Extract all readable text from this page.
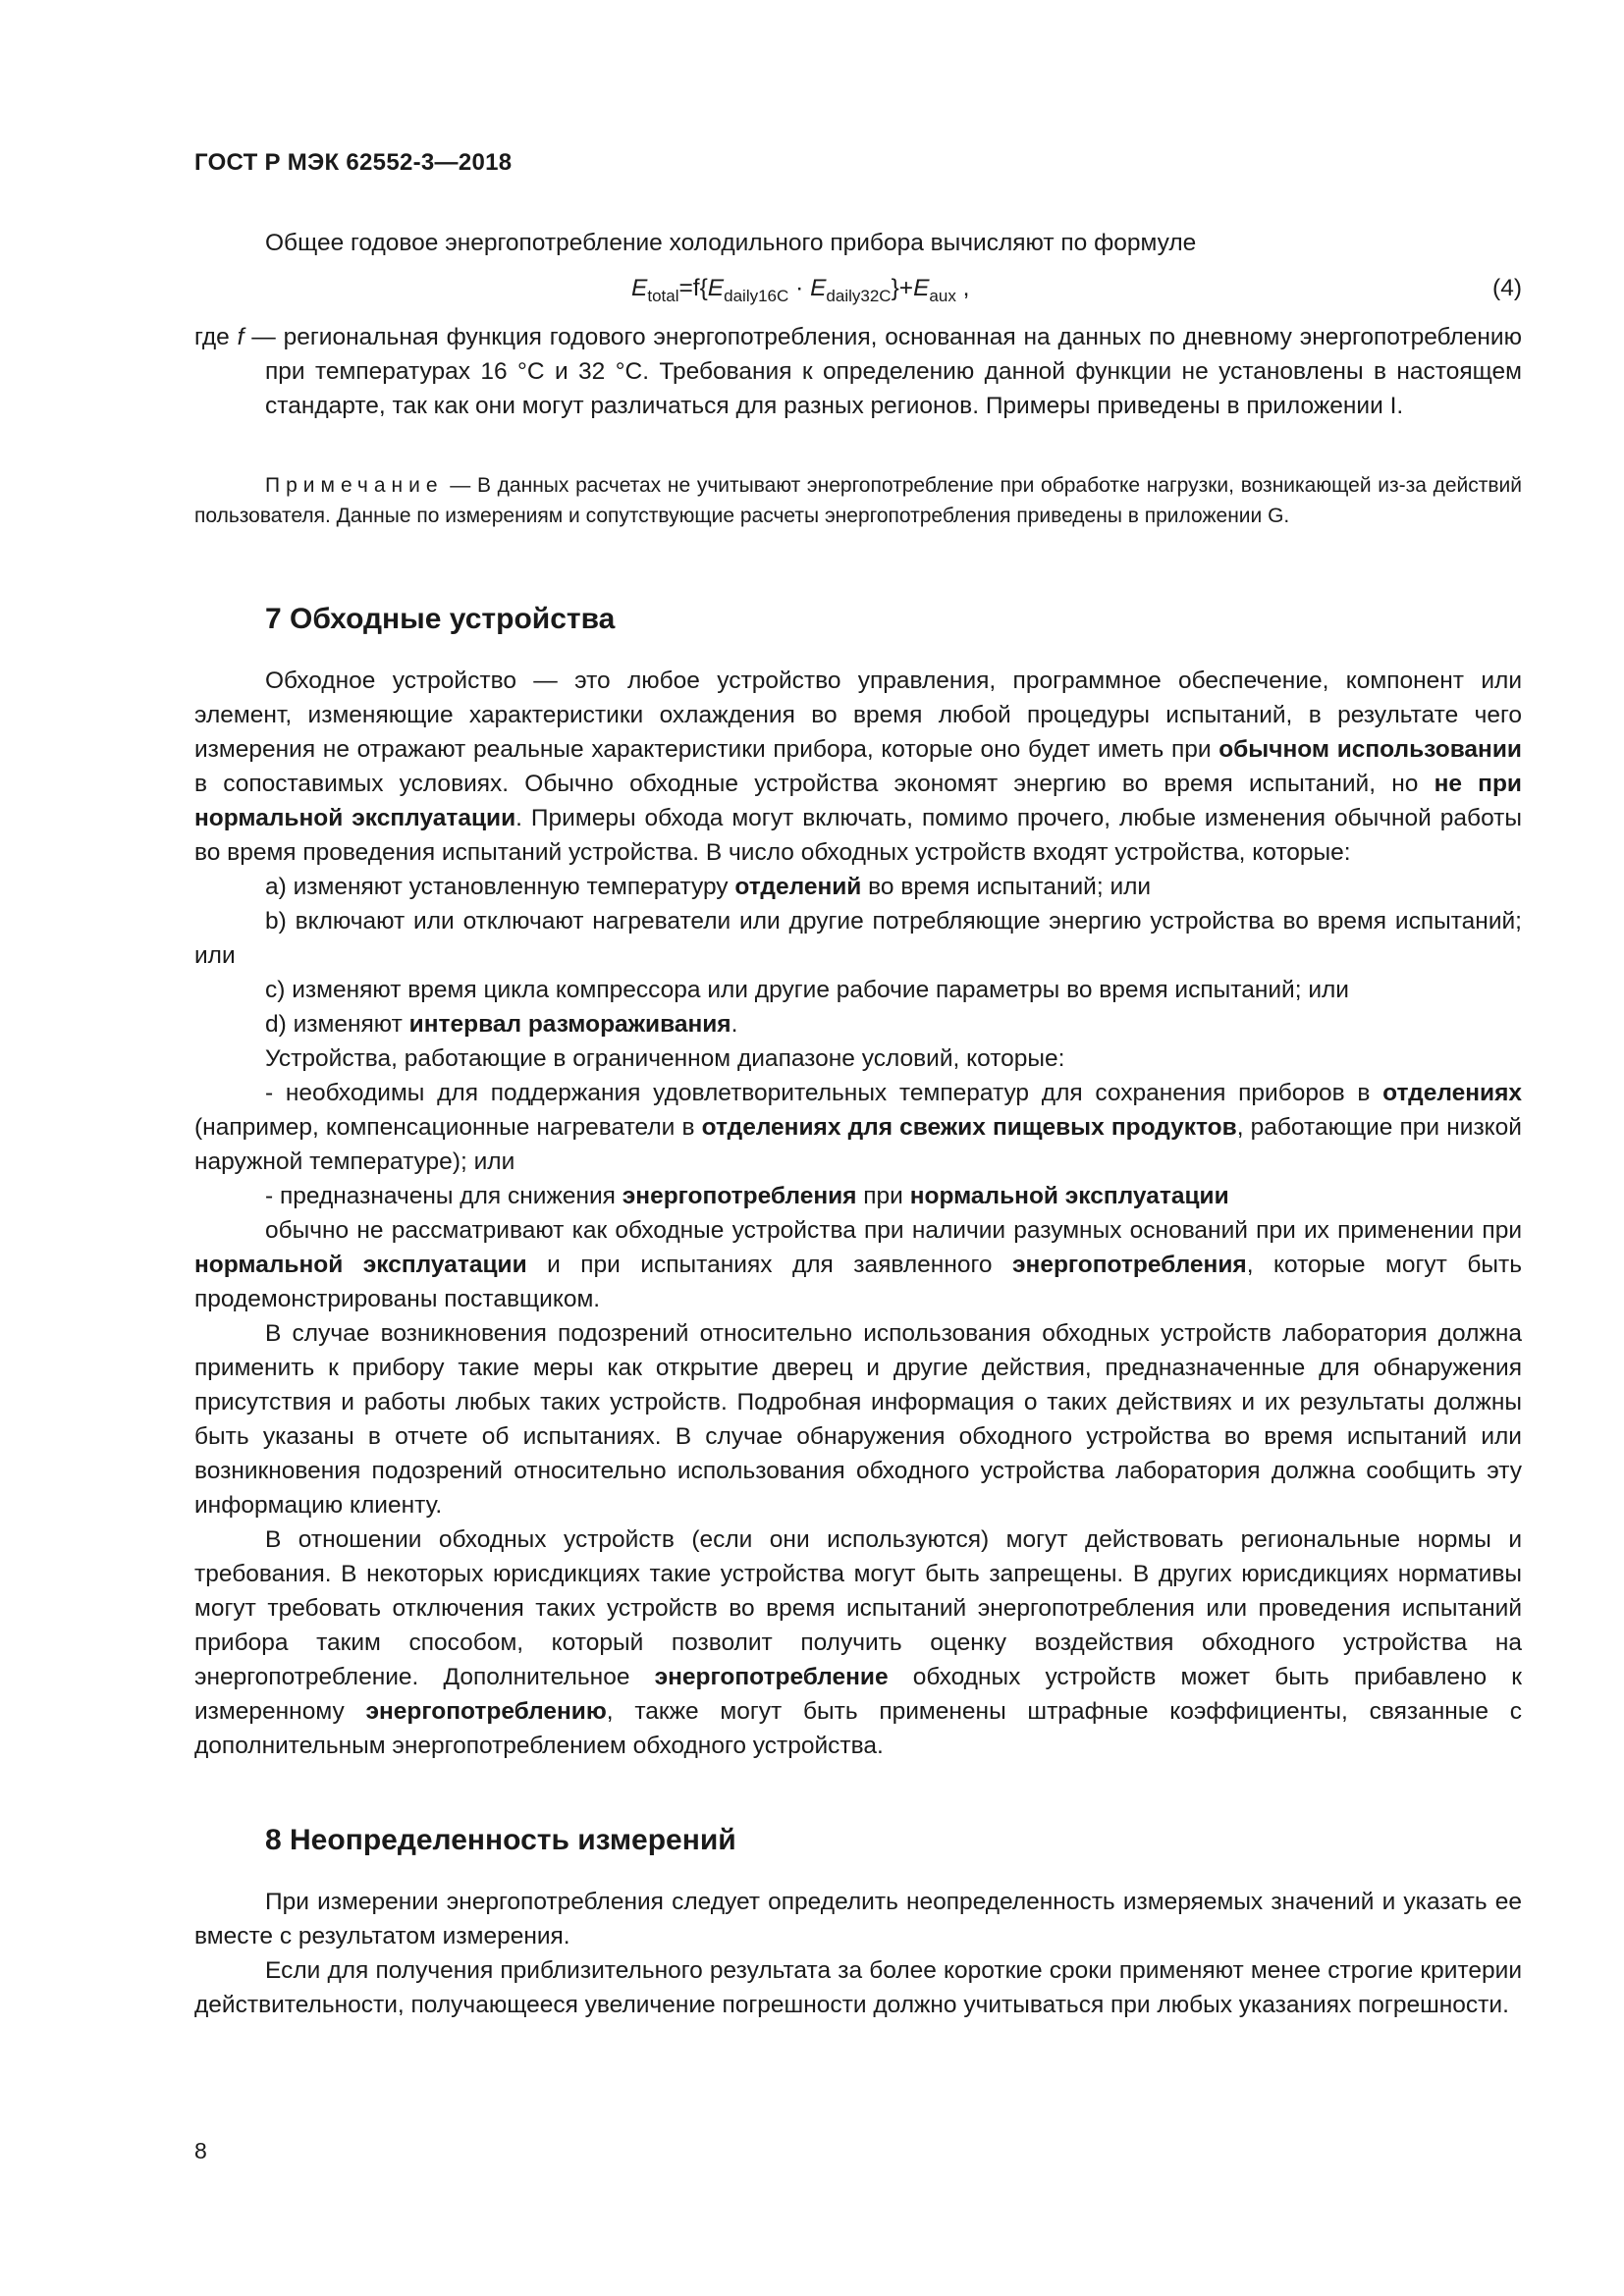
ГОСТ Р МЭК 62552-3—2018

Общее годовое энергопотребление холодильного прибора вычисляют по формуле

$E_{total}=f\{E_{daily16C} \cdot E_{daily32C}\}+E_{aux}$ ,	(4)

где f — региональная функция годового энергопотребления, основанная на данных по дневному энергопотреблению при температурах 16 °С и 32 °С. Требования к определению данной функции не установлены в настоящем стандарте, так как они могут различаться для разных регионов. Примеры приведены в приложении I.

Примечание — В данных расчетах не учитывают энергопотребление при обработке нагрузки, возникающей из-за действий пользователя. Данные по измерениям и сопутствующие расчеты энергопотребления приведены в приложении G.

7 Обходные устройства

Обходное устройство — это любое устройство управления, программное обеспечение, компонент или элемент, изменяющие характеристики охлаждения во время любой процедуры испытаний, в результате чего измерения не отражают реальные характеристики прибора, которые оно будет иметь при обычном использовании в сопоставимых условиях. Обычно обходные устройства экономят энергию во время испытаний, но не при нормальной эксплуатации. Примеры обхода могут включать, помимо прочего, любые изменения обычной работы во время проведения испытаний устройства. В число обходных устройств входят устройства, которые:

a) изменяют установленную температуру отделений во время испытаний; или

b) включают или отключают нагреватели или другие потребляющие энергию устройства во время испытаний; или

c) изменяют время цикла компрессора или другие рабочие параметры во время испытаний; или

d) изменяют интервал размораживания.

Устройства, работающие в ограниченном диапазоне условий, которые:

- необходимы для поддержания удовлетворительных температур для сохранения приборов в отделениях (например, компенсационные нагреватели в отделениях для свежих пищевых продуктов, работающие при низкой наружной температуре); или

- предназначены для снижения энергопотребления при нормальной эксплуатации

обычно не рассматривают как обходные устройства при наличии разумных оснований при их применении при нормальной эксплуатации и при испытаниях для заявленного энергопотребления, которые могут быть продемонстрированы поставщиком.

В случае возникновения подозрений относительно использования обходных устройств лаборатория должна применить к прибору такие меры как открытие дверец и другие действия, предназначенные для обнаружения присутствия и работы любых таких устройств. Подробная информация о таких действиях и их результаты должны быть указаны в отчете об испытаниях. В случае обнаружения обходного устройства во время испытаний или возникновения подозрений относительно использования обходного устройства лаборатория должна сообщить эту информацию клиенту.

В отношении обходных устройств (если они используются) могут действовать региональные нормы и требования. В некоторых юрисдикциях такие устройства могут быть запрещены. В других юрисдикциях нормативы могут требовать отключения таких устройств во время испытаний энергопотребления или проведения испытаний прибора таким способом, который позволит получить оценку воздействия обходного устройства на энергопотребление. Дополнительное энергопотребление обходных устройств может быть прибавлено к измеренному энергопотреблению, также могут быть применены штрафные коэффициенты, связанные с дополнительным энергопотреблением обходного устройства.

8 Неопределенность измерений

При измерении энергопотребления следует определить неопределенность измеряемых значений и указать ее вместе с результатом измерения.

Если для получения приблизительного результата за более короткие сроки применяют менее строгие критерии действительности, получающееся увеличение погрешности должно учитываться при любых указаниях погрешности.

8
